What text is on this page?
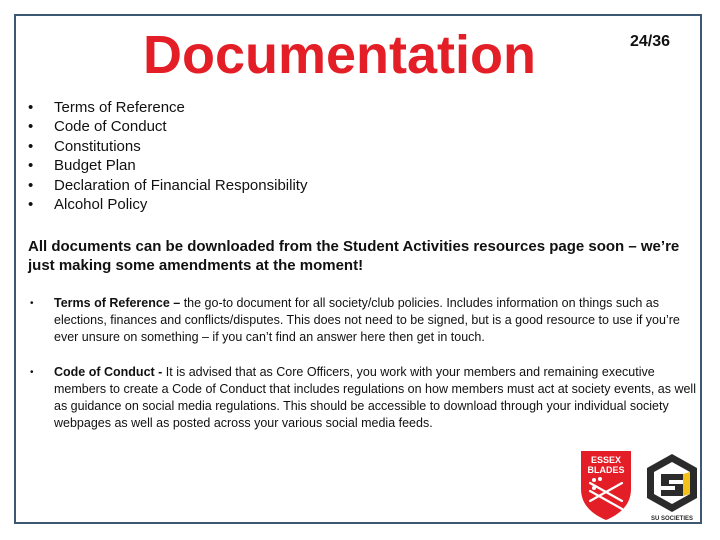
Documentation	24/36
• Terms of Reference
• Code of Conduct
• Constitutions
• Budget Plan
• Declaration of Financial Responsibility
• Alcohol Policy
All documents can be downloaded from the Student Activities resources page soon – we’re just making some amendments at the moment!
• Terms of Reference – the go-to document for all society/club policies. Includes information on things such as elections, finances and conflicts/disputes. This does not need to be signed, but is a good resource to use if you’re ever unsure on something – if you can’t find an answer here then get in touch.
• Code of Conduct - It is advised that as Core Officers, you work with your members and remaining executive members to create a Code of Conduct that includes regulations on how members must act at society events, as well as guidance on social media regulations. This should be accessible to download through your individual society
webpages as well as posted across your various social media feeds.
ESSEX
BLADES
SU SOCIETIES
